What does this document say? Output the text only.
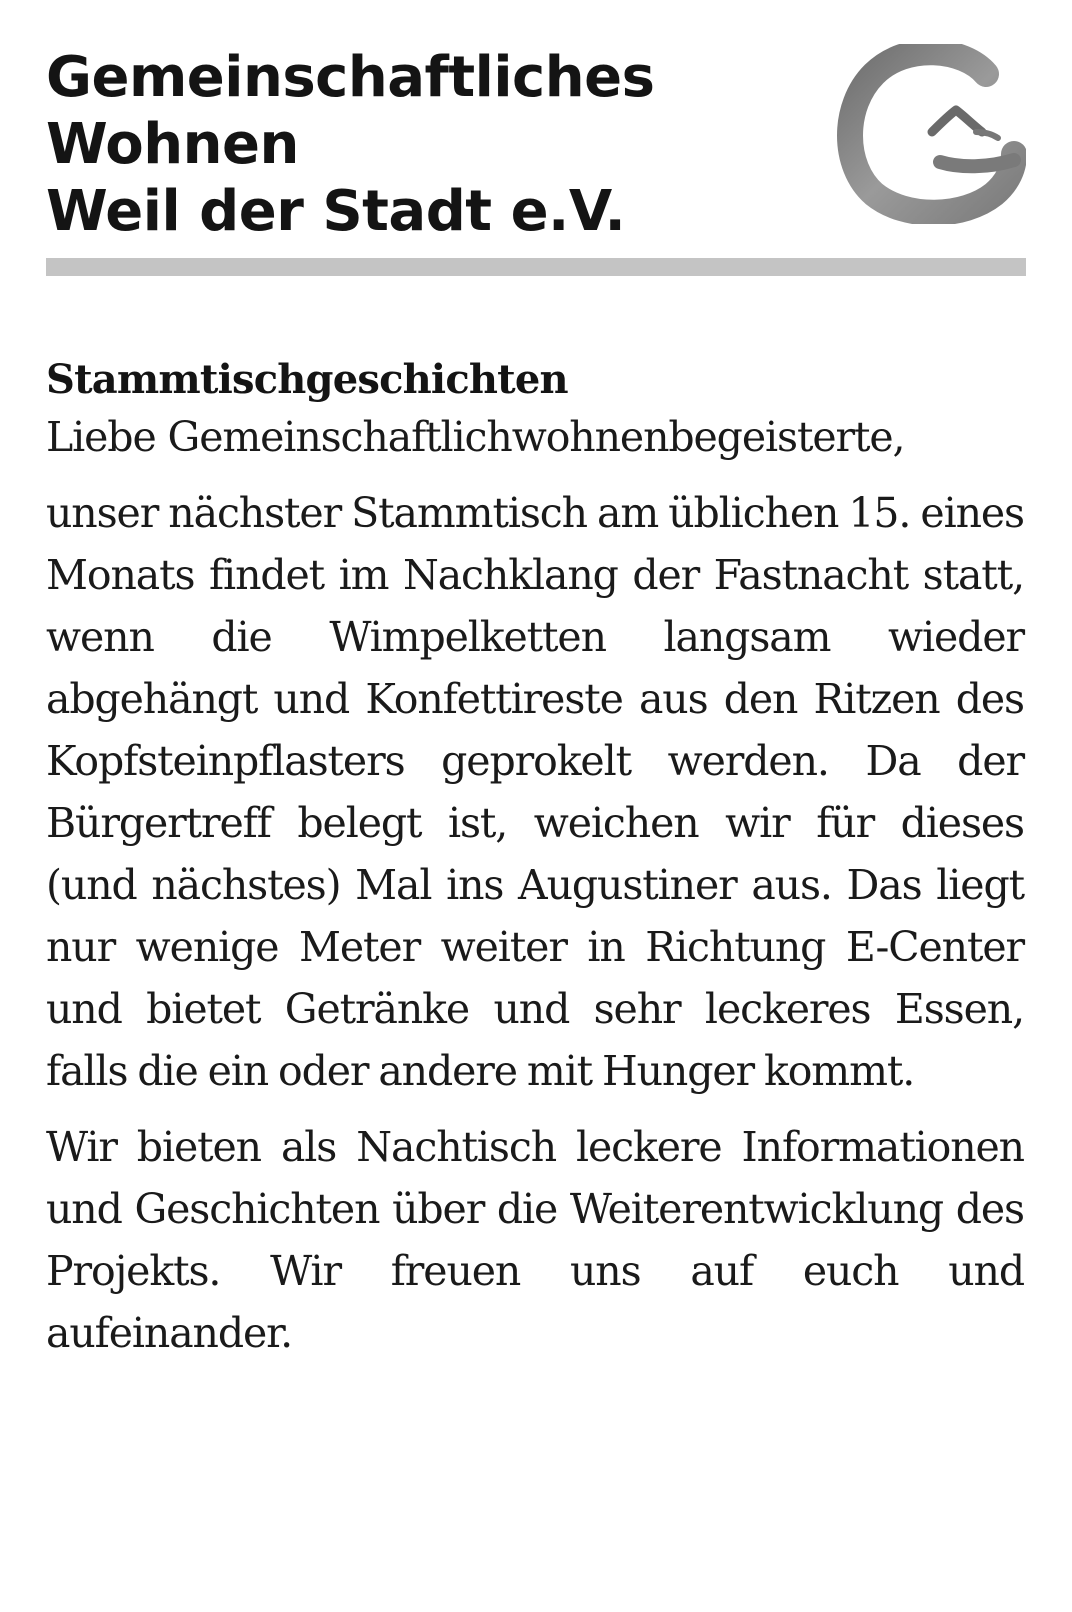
Gemeinschaftliches
Wohnen
Weil der Stadt e.V.
Stammtischgeschichten

Liebe Gemeinschaftlichwohnenbegeisterte,

unser nächster Stammtisch am üblichen 15. eines Monats findet im Nachklang der Fastnacht statt, wenn die Wimpelketten langsam wieder abgehängt und Konfettireste aus den Ritzen des Kopfsteinpflasters geprokelt werden. Da der Bürgertreff belegt ist, weichen wir für dieses (und nächstes) Mal ins Augustiner aus. Das liegt nur wenige Meter weiter in Richtung E-Center und bietet Getränke und sehr leckeres Essen, falls die ein oder andere mit Hunger kommt.

Wir bieten als Nachtisch leckere Informationen und Geschichten über die Weiterentwicklung des Projekts. Wir freuen uns auf euch und aufeinander.
